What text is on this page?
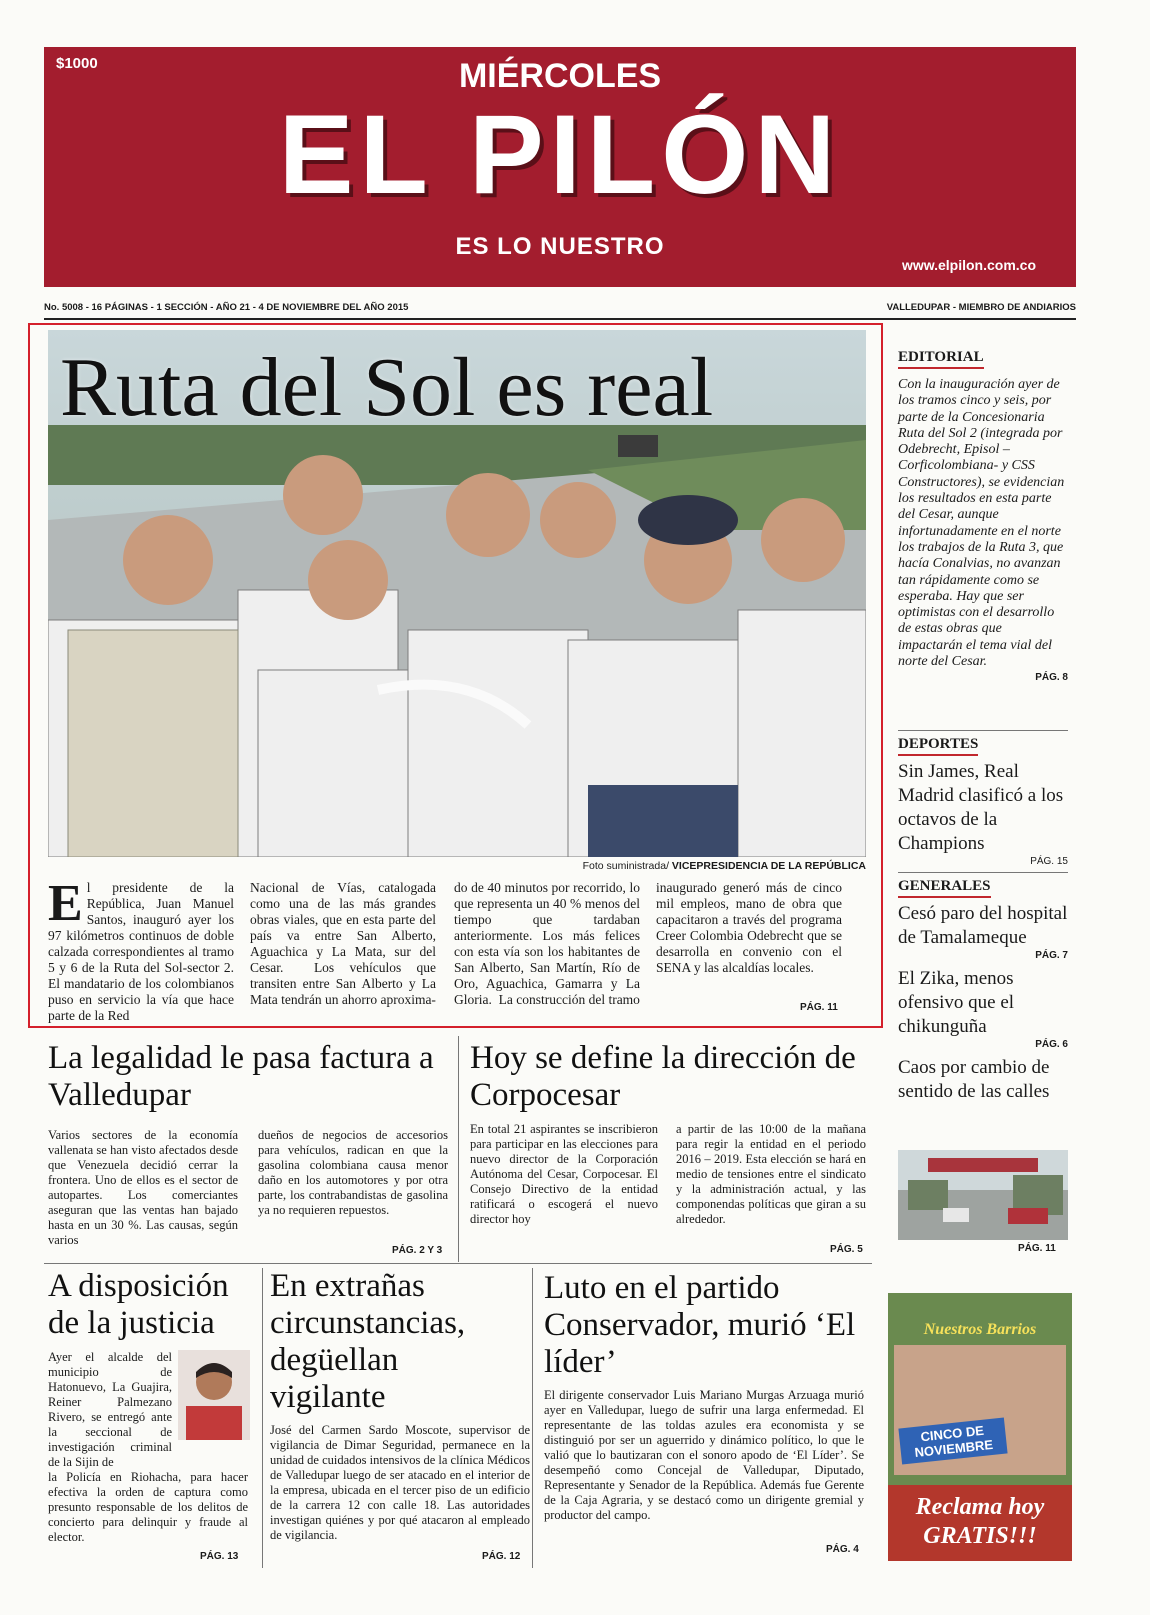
$1000	MIÉRCOLES
EL PILÓN
ES LO NUESTRO
www.elpilon.com.co
No. 5008 - 16 PÁGINAS - 1 SECCIÓN - AÑO 21 - 4 DE NOVIEMBRE DEL AÑO 2015	VALLEDUPAR - MIEMBRO DE ANDIARIOS
Ruta del Sol es real
Foto suministrada/ VICEPRESIDENCIA DE LA REPÚBLICA
El presidente de la República, Juan Manuel Santos, inauguró ayer los 97 kilómetros continuos de doble calzada correspondientes al tramo 5 y 6 de la Ruta del Sol-sector 2. El mandatario de los colombianos puso en servicio la vía que hace parte de la Red
Nacional de Vías, catalogada como una de las más grandes obras viales, que en esta parte del país va entre San Alberto, Aguachica y La Mata, sur del Cesar.  Los vehículos que transiten entre San Alberto y La Mata tendrán un ahorro aproxima-
do de 40 minutos por recorrido, lo que representa un 40 % menos del tiempo que tardaban anteriormente. Los más felices con esta vía son los habitantes de San Alberto, San Martín, Río de Oro, Aguachica, Gamarra y La Gloria.  La construcción del tramo
inaugurado generó más de cinco mil empleos, mano de obra que capacitaron a través del programa Creer Colombia Odebrecht que se desarrolla en convenio con el SENA y las alcaldías locales.
PÁG. 11
EDITORIAL
Con la inauguración ayer de los tramos cinco y seis, por parte de la Concesionaria Ruta del Sol 2 (integrada por Odebrecht, Episol –Corficolombiana- y CSS Constructores), se evidencian los resultados en esta parte del Cesar, aunque infortunadamente en el norte los trabajos de la Ruta 3, que hacía Conalvias, no avanzan tan rápidamente como se esperaba. Hay que ser optimistas con el desarrollo de estas obras que impactarán el tema vial del norte del Cesar.
PÁG. 8
DEPORTES
Sin James, Real Madrid clasificó a los octavos de la Champions
PÁG. 15
GENERALES
Cesó paro del hospital de Tamalameque
PÁG. 7
El Zika, menos ofensivo que el chikunguña
PÁG. 6
Caos por cambio de sentido de las calles
PÁG. 11
Nuestros Barrios
CINCO DE NOVIEMBRE
Reclama hoy GRATIS!!!
La legalidad le pasa factura a Valledupar
Varios sectores de la economía vallenata se han visto afectados desde que Venezuela decidió cerrar la frontera. Uno de ellos es el sector de autopartes. Los comerciantes aseguran que las ventas han bajado hasta en un 30 %. Las causas, según varios
dueños de negocios de accesorios para vehículos, radican en que la gasolina colombiana causa menor daño en los automotores y por otra parte, los contrabandistas de gasolina ya no requieren repuestos.
PÁG. 2 Y 3
Hoy se define la dirección de Corpocesar
En total 21 aspirantes se inscribieron para participar en las elecciones para nuevo director de la Corporación Autónoma del Cesar, Corpocesar. El Consejo Directivo de la entidad ratificará o escogerá el nuevo director hoy
a partir de las 10:00 de la mañana para regir la entidad en el periodo 2016 – 2019. Esta elección se hará en medio de tensiones entre el sindicato y la administración actual, y las componendas políticas que giran a su alrededor.
PÁG. 5
A disposición de la justicia
Ayer el alcalde del municipio de Hatonuevo, La Guajira, Reiner Palmezano Rivero, se entregó ante la seccional de investigación criminal de la Sijin de
la Policía en Riohacha, para hacer efectiva la orden de captura como presunto responsable de los delitos de concierto para delinquir y fraude al elector.
PÁG. 13
En extrañas circunstancias, degüellan vigilante
José del Carmen Sardo Moscote, supervisor de vigilancia de Dimar Seguridad, permanece en la unidad de cuidados intensivos de la clínica Médicos de Valledupar luego de ser atacado en el interior de la empresa, ubicada en el tercer piso de un edificio de la carrera 12 con calle 18. Las autoridades investigan quiénes y por qué atacaron al empleado de vigilancia.
PÁG. 12
Luto en el partido Conservador, murió ‘El líder’
El dirigente conservador Luis Mariano Murgas Arzuaga murió ayer en Valledupar, luego de sufrir una larga enfermedad. El representante de las toldas azules era economista y se distinguió por ser un aguerrido y dinámico político, lo que le valió que lo bautizaran con el sonoro apodo de ‘El Líder’. Se desempeñó como Concejal de Valledupar, Diputado, Representante y Senador de la República. Además fue Gerente de la Caja Agraria, y se destacó como un dirigente gremial y productor del campo.
PÁG. 4
